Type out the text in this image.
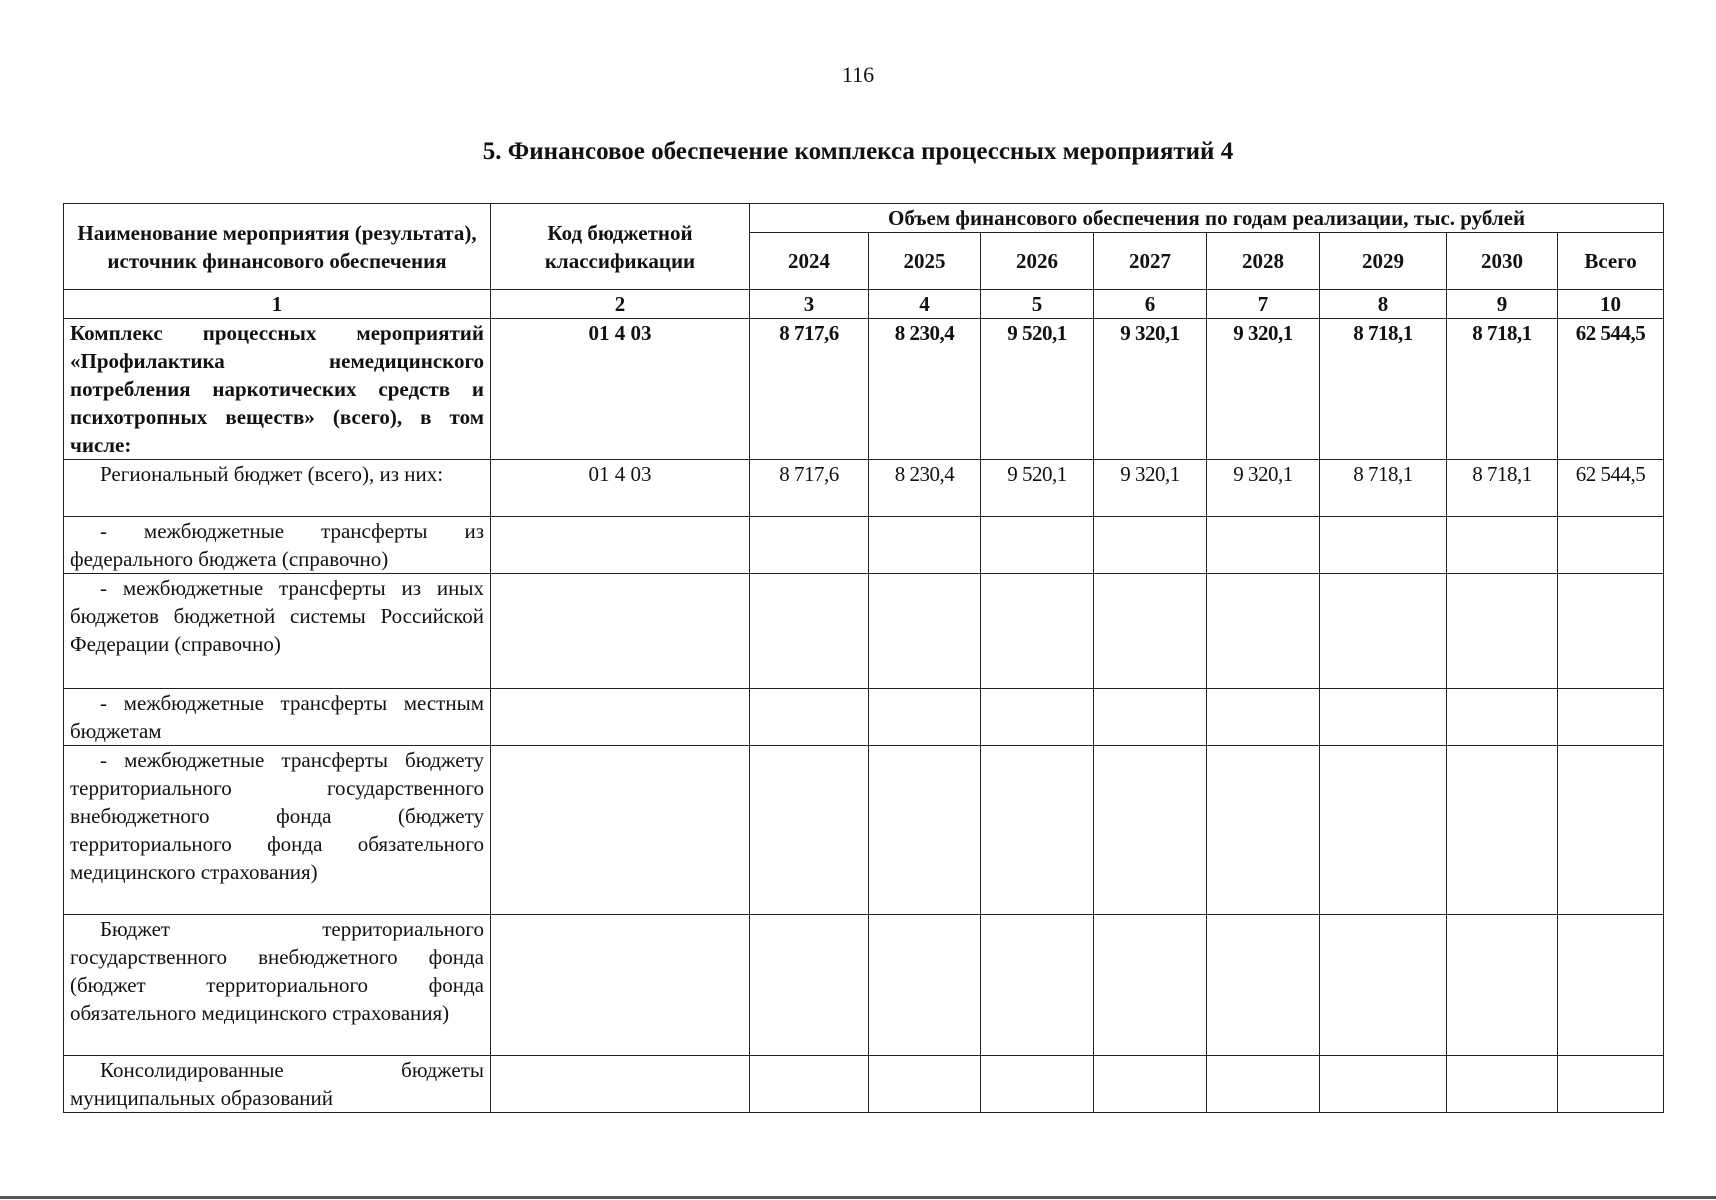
116
5. Финансовое обеспечение комплекса процессных мероприятий 4
Наименование мероприятия (результата), источник финансового обеспечения	Код бюджетной классификации	Объем финансового обеспечения по годам реализации, тыс. рублей							
		2024	2025	2026	2027	2028	2029	2030	Всего
1	2	3	4	5	6	7	8	9	10
Комплекс процессных мероприятий «Профилактика немедицинского потребления наркотических средств и психотропных веществ» (всего), в том числе:	01 4 03	8 717,6	8 230,4	9 520,1	9 320,1	9 320,1	8 718,1	8 718,1	62 544,5
Региональный бюджет (всего), из них:	01 4 03	8 717,6	8 230,4	9 520,1	9 320,1	9 320,1	8 718,1	8 718,1	62 544,5
- межбюджетные трансферты из федерального бюджета (справочно)									
- межбюджетные трансферты из иных бюджетов бюджетной системы Российской Федерации (справочно)									
- межбюджетные трансферты местным бюджетам									
- межбюджетные трансферты бюджету территориального государственного внебюджетного фонда (бюджету территориального фонда обязательного медицинского страхования)									
Бюджет территориального государственного внебюджетного фонда (бюджет территориального фонда обязательного медицинского страхования)									
Консолидированные бюджеты муниципальных образований									
